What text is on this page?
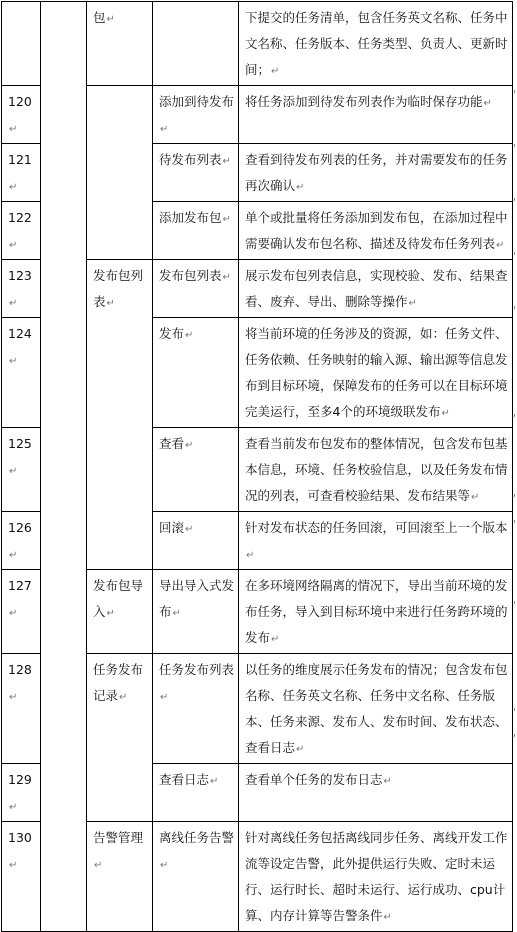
		包↵		下提交的任务清单，包含任务英文名称、任务中文名称、任务版本、任务类型、负责人、更新时间；↵
120↵			添加到待发布↵	将任务添加到待发布列表作为临时保存功能↵
121↵			待发布列表↵	查看到待发布列表的任务，并对需要发布的任务再次确认↵
122↵			添加发布包↵	单个或批量将任务添加到发布包，在添加过程中需要确认发布包名称、描述及待发布任务列表↵
123↵		发布包列表↵	发布包列表↵	展示发布包列表信息，实现校验、发布、结果查看、废弃、导出、删除等操作↵
124↵			发布↵	将当前环境的任务涉及的资源，如：任务文件、任务依赖、任务映射的输入源、输出源等信息发布到目标环境，保障发布的任务可以在目标环境完美运行，至多4个的环境级联发布↵
125↵			查看↵	查看当前发布包发布的整体情况，包含发布包基本信息，环境、任务校验信息，以及任务发布情况的列表，可查看校验结果、发布结果等↵
126↵			回滚↵	针对发布状态的任务回滚，可回滚至上一个版本↵
127↵		发布包导入↵	导出导入式发布↵	在多环境网络隔离的情况下，导出当前环境的发布任务，导入到目标环境中来进行任务跨环境的发布↵
128↵		任务发布记录↵	任务发布列表↵	以任务的维度展示任务发布的情况；包含发布包名称、任务英文名称、任务中文名称、任务版本、任务来源、发布人、发布时间、发布状态、查看日志↵
129↵			查看日志↵	查看单个任务的发布日志↵
130↵		告警管理↵	离线任务告警↵	针对离线任务包括离线同步任务、离线开发工作流等设定告警，此外提供运行失败、定时未运行、运行时长、超时未运行、运行成功、cpu计算、内存计算等告警条件↵
